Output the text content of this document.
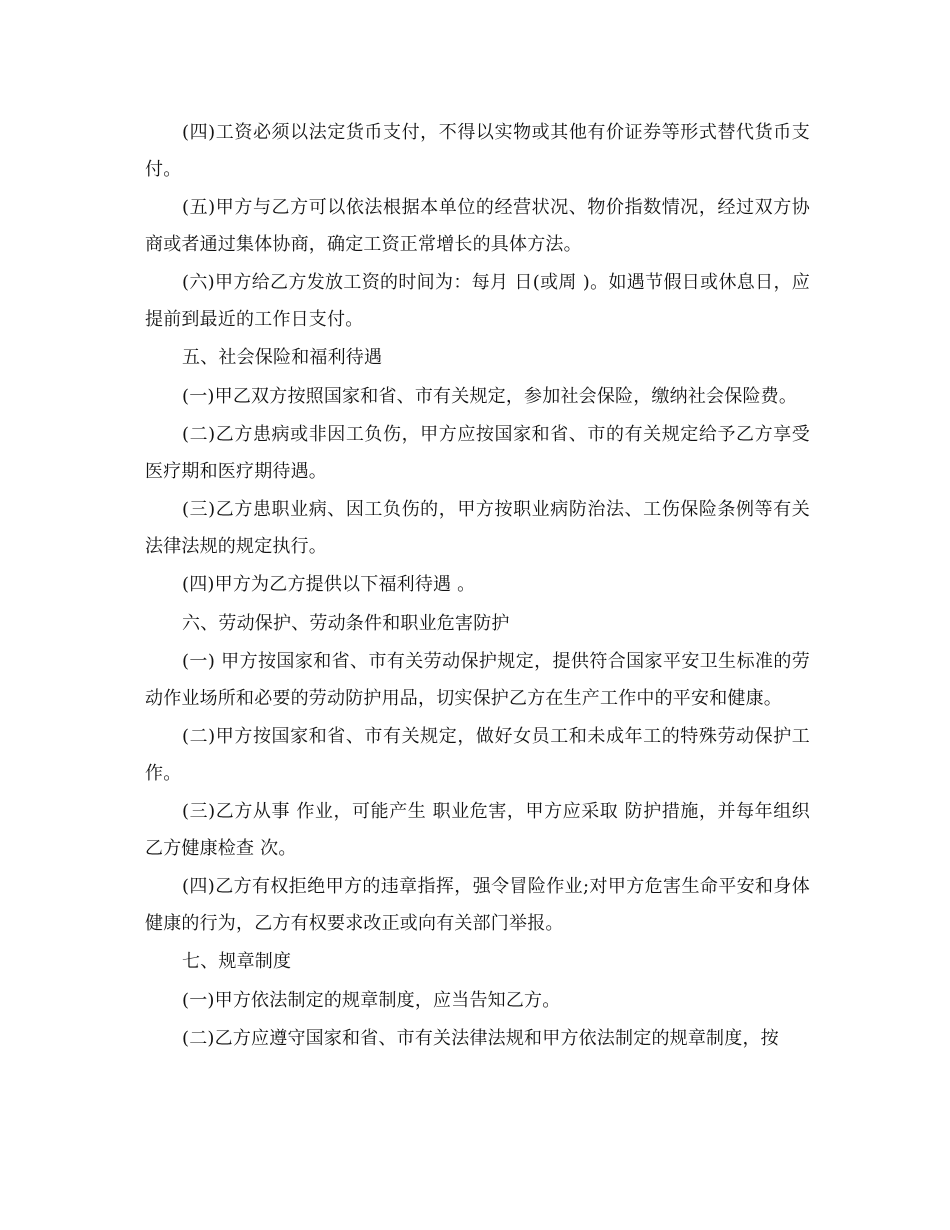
(四)工资必须以法定货币支付，不得以实物或其他有价证券等形式替代货币支付。

(五)甲方与乙方可以依法根据本单位的经营状况、物价指数情况，经过双方协商或者通过集体协商，确定工资正常增长的具体方法。

(六)甲方给乙方发放工资的时间为：每月 日(或周 )。如遇节假日或休息日，应提前到最近的工作日支付。

五、社会保险和福利待遇

(一)甲乙双方按照国家和省、市有关规定，参加社会保险，缴纳社会保险费。

(二)乙方患病或非因工负伤，甲方应按国家和省、市的有关规定给予乙方享受医疗期和医疗期待遇。

(三)乙方患职业病、因工负伤的，甲方按职业病防治法、工伤保险条例等有关法律法规的规定执行。

(四)甲方为乙方提供以下福利待遇 。

六、劳动保护、劳动条件和职业危害防护

(一) 甲方按国家和省、市有关劳动保护规定，提供符合国家平安卫生标准的劳动作业场所和必要的劳动防护用品，切实保护乙方在生产工作中的平安和健康。

(二)甲方按国家和省、市有关规定，做好女员工和未成年工的特殊劳动保护工作。

(三)乙方从事 作业，可能产生 职业危害，甲方应采取 防护措施，并每年组织乙方健康检查 次。

(四)乙方有权拒绝甲方的违章指挥，强令冒险作业;对甲方危害生命平安和身体健康的行为，乙方有权要求改正或向有关部门举报。

七、规章制度

(一)甲方依法制定的规章制度，应当告知乙方。

(二)乙方应遵守国家和省、市有关法律法规和甲方依法制定的规章制度，按
